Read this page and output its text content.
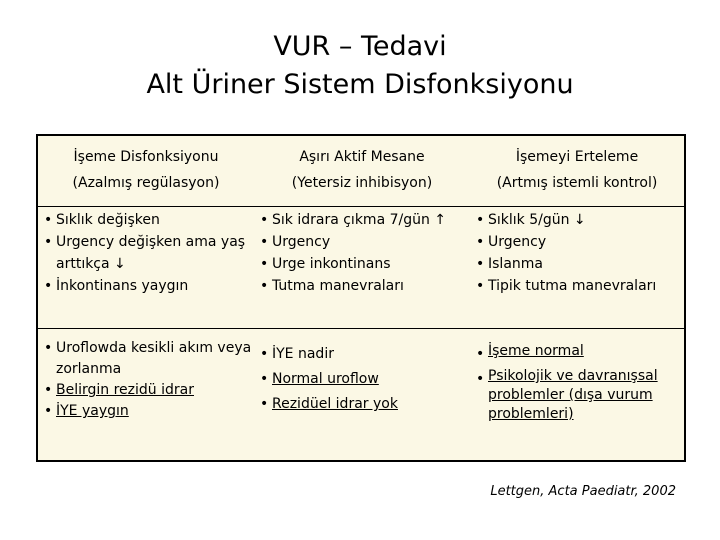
VUR – Tedavi
Alt Üriner Sistem Disfonksiyonu
İşeme Disfonksiyonu
(Azalmış regülasyon)
Aşırı Aktif Mesane
(Yetersiz inhibisyon)
İşemeyi Erteleme
(Artmış istemli kontrol)
• Sıklık değişken
• Urgency değişken ama yaş arttıkça ↓
• İnkontinans yaygın
• Sık idrara çıkma 7/gün ↑
• Urgency
• Urge inkontinans
• Tutma manevraları
• Sıklık 5/gün ↓
• Urgency
• Islanma
• Tipik tutma manevraları
• Uroflowda kesikli akım veya zorlanma
• Belirgin rezidü idrar
• İYE yaygın
• İYE nadir
• Normal uroflow
• Rezidüel idrar yok
• İşeme normal
• Psikolojik ve davranışsal problemler (dışa vurum problemleri)
Lettgen, Acta Paediatr, 2002
